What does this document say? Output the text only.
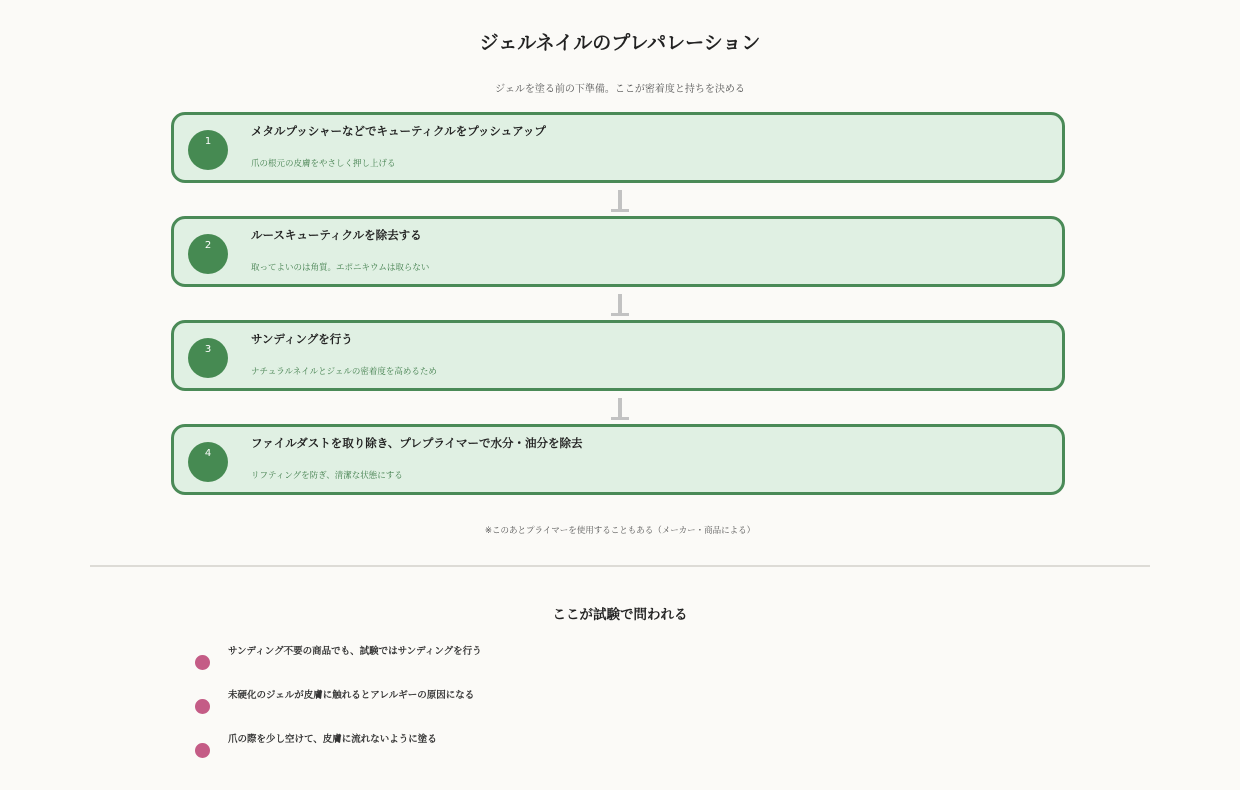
ジェルネイルのプレパレーション
ジェルを塗る前の下準備。ここが密着度と持ちを決める
1
メタルプッシャーなどでキューティクルをプッシュアップ
爪の根元の皮膚をやさしく押し上げる
2
ルースキューティクルを除去する
取ってよいのは角質。エポニキウムは取らない
3
サンディングを行う
ナチュラルネイルとジェルの密着度を高めるため
4
ファイルダストを取り除き、プレプライマーで水分・油分を除去
リフティングを防ぎ、清潔な状態にする
※このあとプライマーを使用することもある（メーカー・商品による）
ここが試験で問われる
サンディング不要の商品でも、試験ではサンディングを行う
未硬化のジェルが皮膚に触れるとアレルギーの原因になる
爪の際を少し空けて、皮膚に流れないように塗る
